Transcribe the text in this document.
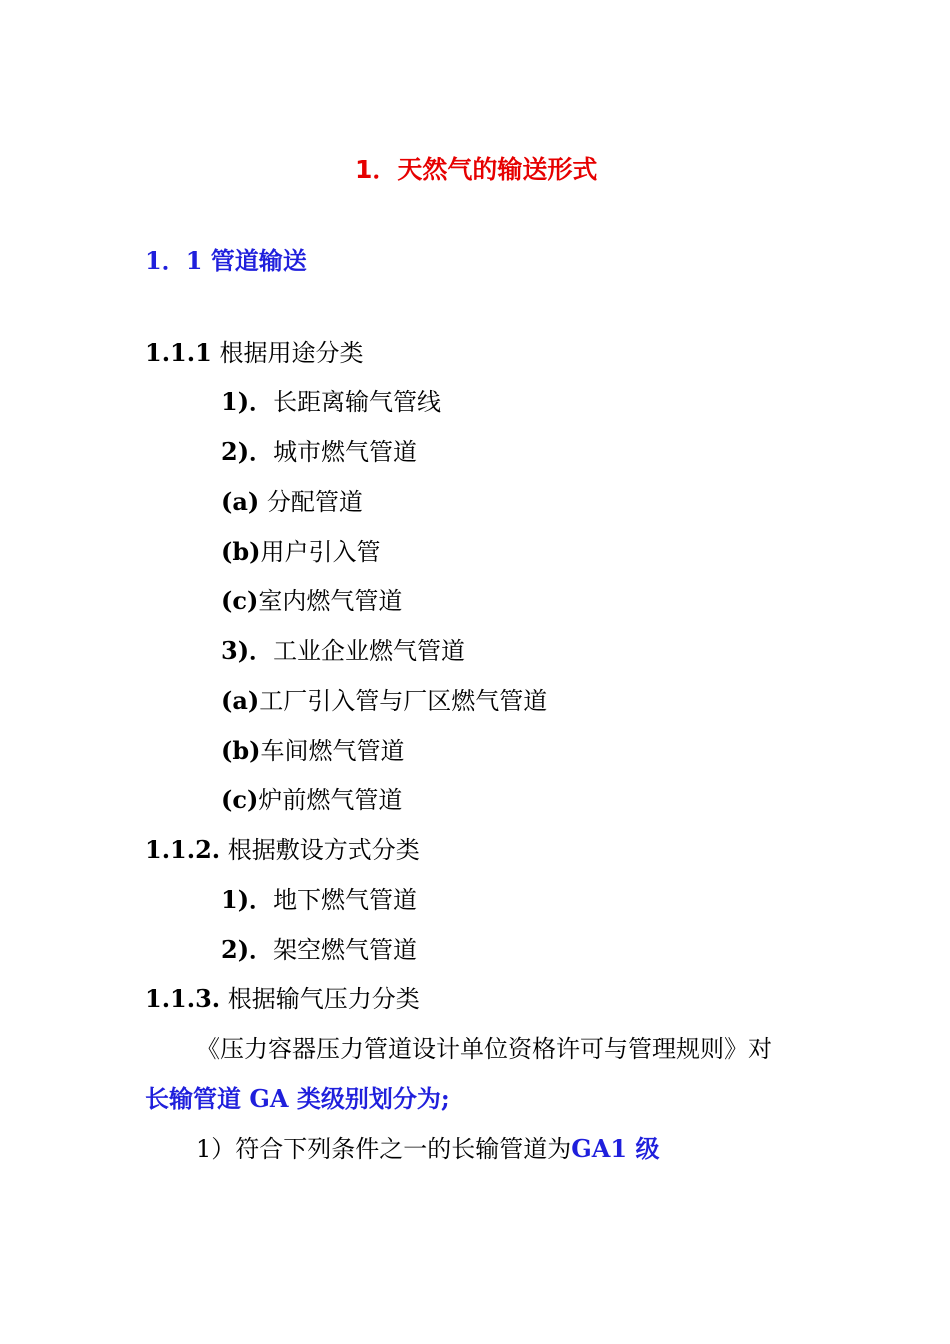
1．天然气的输送形式
1．1 管道输送
1.1.1 根据用途分类
1)．长距离输气管线
2)．城市燃气管道
(a) 分配管道
(b)用户引入管
(c)室内燃气管道
3)．工业企业燃气管道
(a)工厂引入管与厂区燃气管道
(b)车间燃气管道
(c)炉前燃气管道
1.1.2. 根据敷设方式分类
1)．地下燃气管道
2)．架空燃气管道
1.1.3. 根据输气压力分类
《压力容器压力管道设计单位资格许可与管理规则》对
长输管道 GA 类级别划分为;
1）符合下列条件之一的长输管道为GA1 级
